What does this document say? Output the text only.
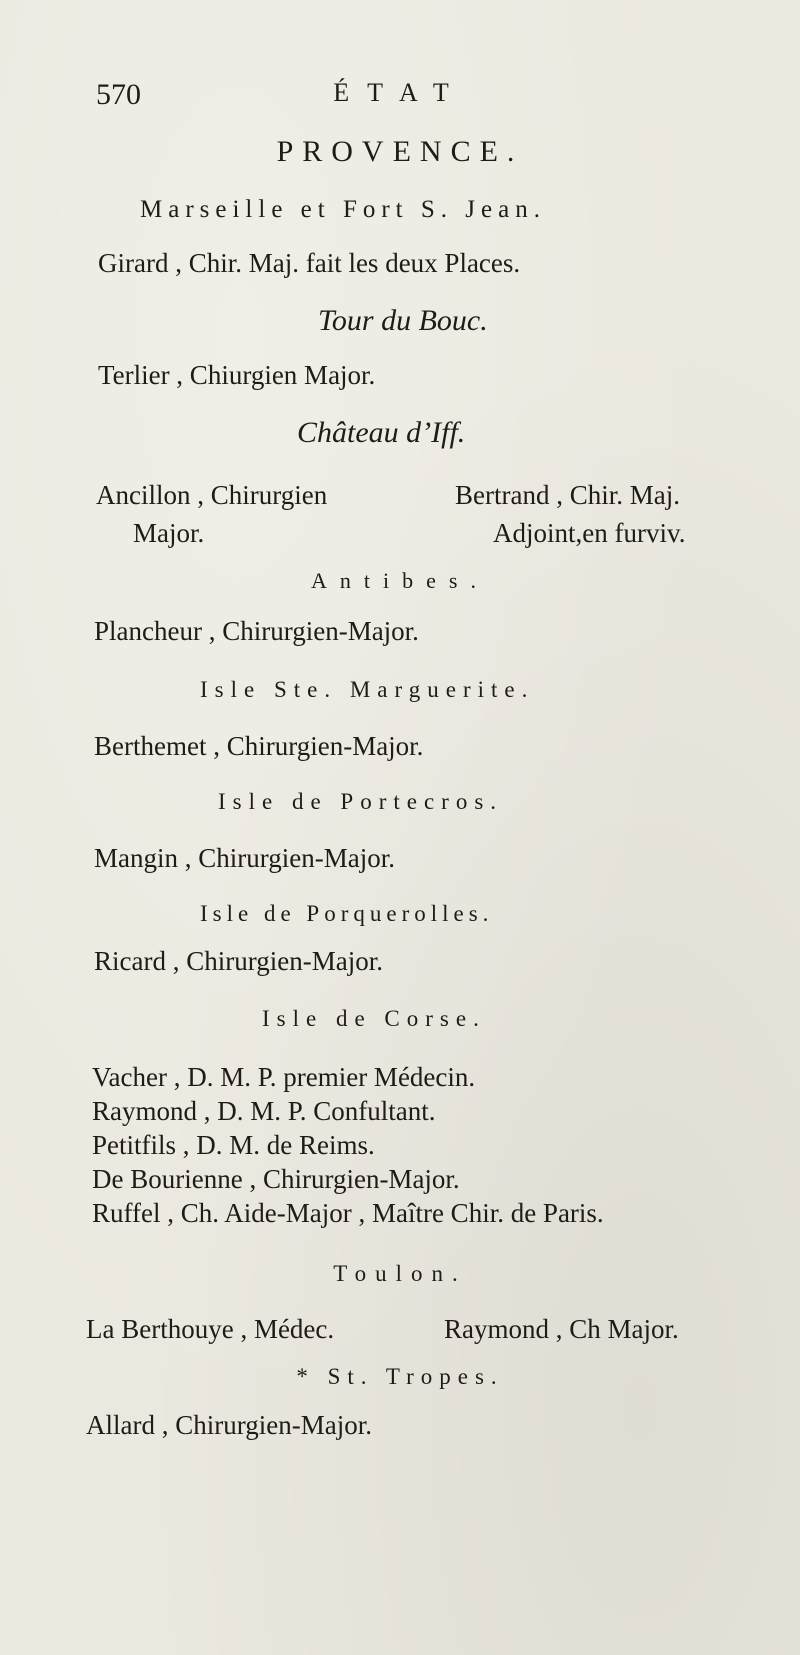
570	ÉTAT
PROVENCE.
Marseille et Fort S. Jean.
Girard , Chir. Maj. fait les deux Places.
Tour du Bouc.
Terlier , Chiurgien Major.
Château d’Iff.
Ancillon , Chirurgien
Major.
Bertrand , Chir. Maj.
Adjoint,en furviv.
Antibes.
Plancheur , Chirurgien-Major.
Isle Ste. Marguerite.
Berthemet , Chirurgien-Major.
Isle de Portecros.
Mangin , Chirurgien-Major.
Isle de Porquerolles.
Ricard , Chirurgien-Major.
Isle de Corse.
Vacher , D. M. P. premier Médecin.
Raymond , D. M. P. Confultant.
Petitfils , D. M. de Reims.
De Bourienne , Chirurgien-Major.
Ruffel , Ch. Aide-Major , Maître Chir. de Paris.
Toulon.
La Berthouye , Médec.	Raymond , Ch Major.
* St. Tropes.
Allard , Chirurgien-Major.
